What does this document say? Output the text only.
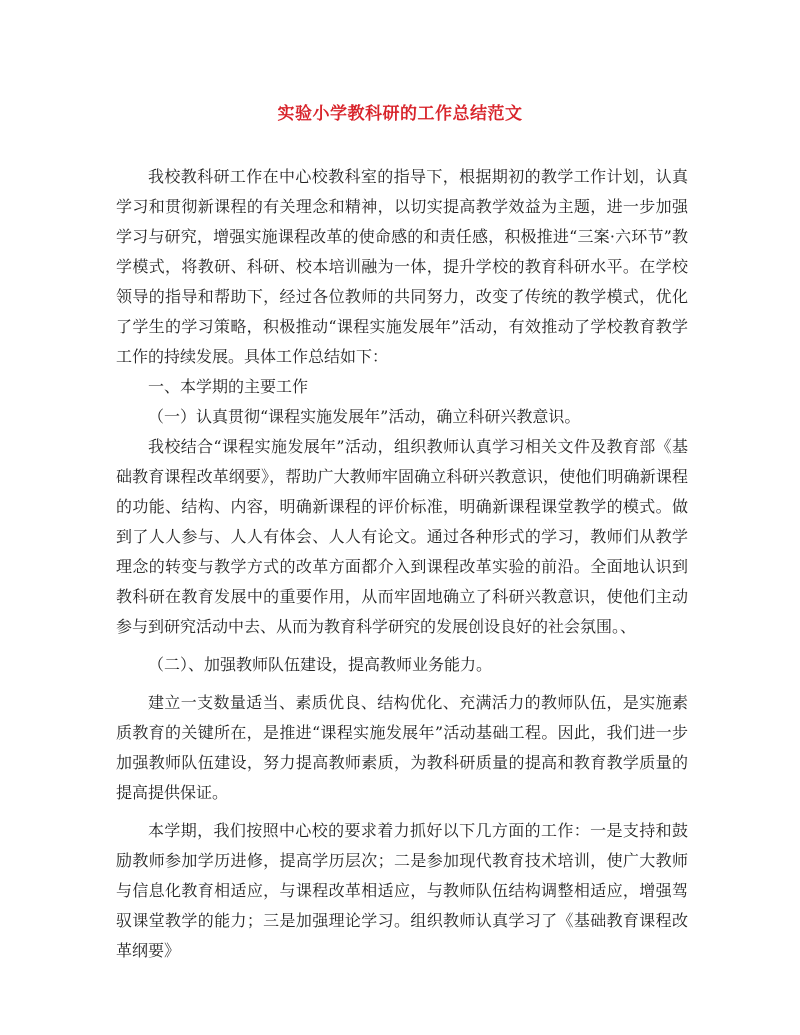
实验小学教科研的工作总结范文

我校教科研工作在中心校教科室的指导下，根据期初的教学工作计划，认真学习和贯彻新课程的有关理念和精神，以切实提高教学效益为主题，进一步加强学习与研究，增强实施课程改革的使命感的和责任感，积极推进“三案·六环节”教学模式，将教研、科研、校本培训融为一体，提升学校的教育科研水平。在学校领导的指导和帮助下，经过各位教师的共同努力，改变了传统的教学模式，优化了学生的学习策略，积极推动“课程实施发展年”活动，有效推动了学校教育教学工作的持续发展。具体工作总结如下：

一、本学期的主要工作

（一）认真贯彻“课程实施发展年”活动，确立科研兴教意识。

我校结合“课程实施发展年”活动，组织教师认真学习相关文件及教育部《基础教育课程改革纲要》，帮助广大教师牢固确立科研兴教意识，使他们明确新课程的功能、结构、内容，明确新课程的评价标准，明确新课程课堂教学的模式。做到了人人参与、人人有体会、人人有论文。通过各种形式的学习，教师们从教学理念的转变与教学方式的改革方面都介入到课程改革实验的前沿。全面地认识到教科研在教育发展中的重要作用，从而牢固地确立了科研兴教意识，使他们主动参与到研究活动中去、从而为教育科学研究的发展创设良好的社会氛围。、

（二）、加强教师队伍建设，提高教师业务能力。

建立一支数量适当、素质优良、结构优化、充满活力的教师队伍，是实施素质教育的关键所在，是推进“课程实施发展年”活动基础工程。因此，我们进一步加强教师队伍建设，努力提高教师素质，为教科研质量的提高和教育教学质量的提高提供保证。

本学期，我们按照中心校的要求着力抓好以下几方面的工作：一是支持和鼓励教师参加学历进修，提高学历层次；二是参加现代教育技术培训，使广大教师与信息化教育相适应，与课程改革相适应，与教师队伍结构调整相适应，增强驾驭课堂教学的能力；三是加强理论学习。组织教师认真学习了《基础教育课程改革纲要》
